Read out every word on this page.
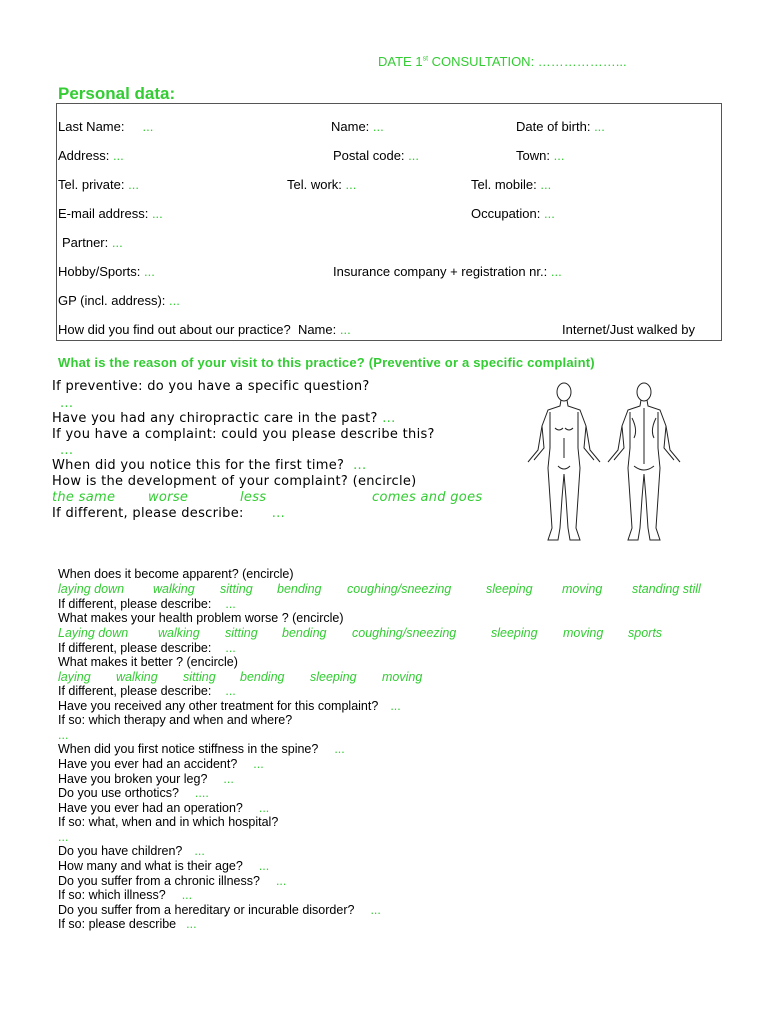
DATE 1st CONSULTATION: ………………...
Personal data:
Last Name: ...	Name: ...	Date of birth: ...
Address: ...	Postal code: ...	Town: ...
Tel. private: ...	Tel. work: ...	Tel. mobile: ...
E-mail address: ...	Occupation: ...
Partner: ...
Hobby/Sports: ...	Insurance company + registration nr.: ...
GP (incl. address): ...
How did you find out about our practice? Name: ...	Internet/Just walked by
What is the reason of your visit to this practice? (Preventive or a specific complaint)
If preventive: do you have a specific question?
...
Have you had any chiropractic care in the past? ...
If you have a complaint: could you please describe this?
...
When did you notice this for the first time? ...
How is the development of your complaint? (encircle)
the same	worse	less	comes and goes
If different, please describe: ...
When does it become apparent? (encircle)
laying down walking sitting bending coughing/sneezing	sleeping moving standing still
If different, please describe: ...
What makes your health problem worse ? (encircle)
Laying down walking sitting bending coughing/sneezing	sleeping moving sports
If different, please describe: ...
What makes it better ? (encircle)
laying walking sitting bending sleeping moving
If different, please describe: ...
Have you received any other treatment for this complaint? ...
If so: which therapy and when and where?
...
When did you first notice stiffness in the spine? ...
Have you ever had an accident? ...
Have you broken your leg? ...
Do you use orthotics? ....
Have you ever had an operation? ...
If so: what, when and in which hospital?
...
Do you have children? ...
How many and what is their age? ...
Do you suffer from a chronic illness? ...
If so: which illness? ...
Do you suffer from a hereditary or incurable disorder? ...
If so: please describe ...
